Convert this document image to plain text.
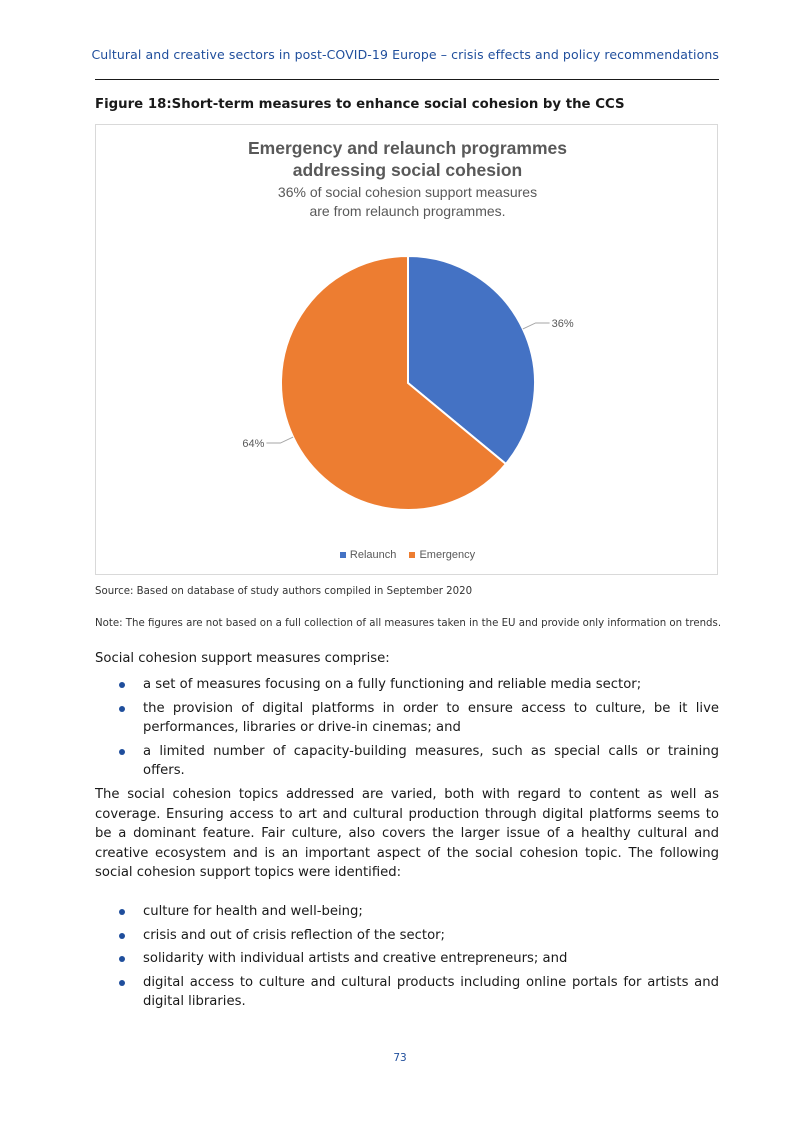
Cultural and creative sectors in post-COVID-19 Europe – crisis effects and policy recommendations
Figure 18:Short-term measures to enhance social cohesion by the CCS
Emergency and relaunch programmes
addressing social cohesion
36% of social cohesion support measures
are from relaunch programmes.
36%
64%
Relaunch Emergency
Source: Based on database of study authors compiled in September 2020
Note: The figures are not based on a full collection of all measures taken in the EU and provide only information on trends.
Social cohesion support measures comprise:
a set of measures focusing on a fully functioning and reliable media sector;
the provision of digital platforms in order to ensure access to culture, be it live performances, libraries or drive-in cinemas; and
a limited number of capacity-building measures, such as special calls or training offers.
The social cohesion topics addressed are varied, both with regard to content as well as coverage. Ensuring access to art and cultural production through digital platforms seems to be a dominant feature. Fair culture, also covers the larger issue of a healthy cultural and creative ecosystem and is an important aspect of the social cohesion topic. The following social cohesion support topics were identified:
culture for health and well-being;
crisis and out of crisis reflection of the sector;
solidarity with individual artists and creative entrepreneurs; and
digital access to culture and cultural products including online portals for artists and digital libraries.
73
